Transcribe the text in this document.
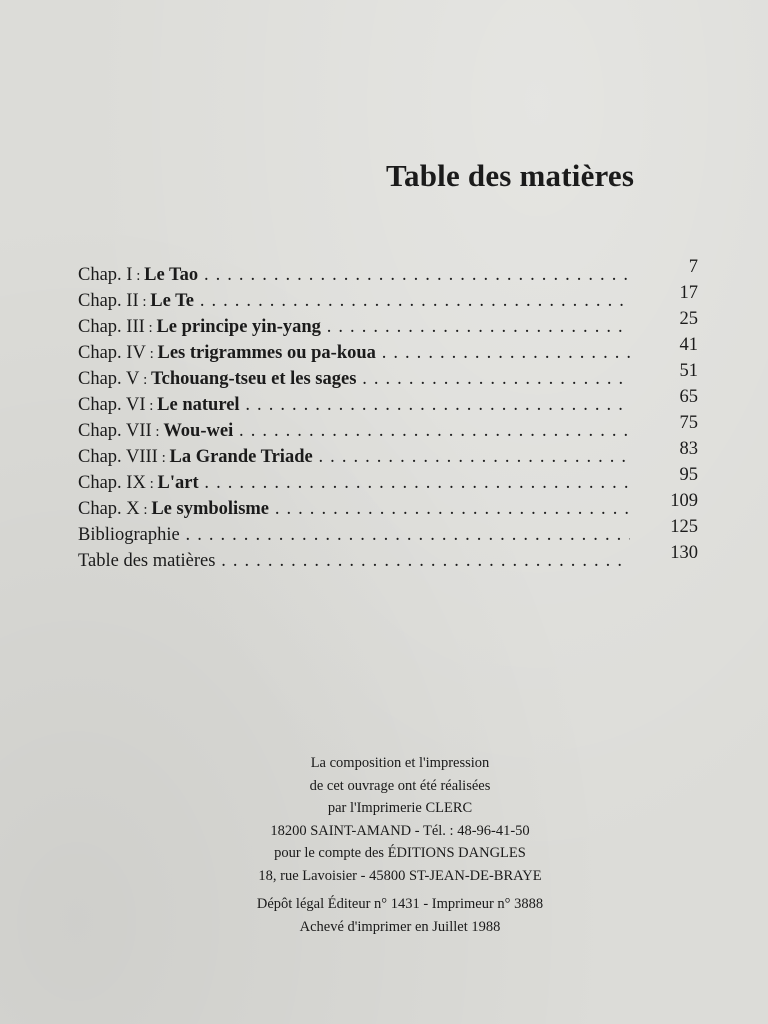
Table des matières
Chap. I : Le Tao . . .	7
Chap. II : Le Te . . .	17
Chap. III : Le principe yin-yang . . .	25
Chap. IV : Les trigrammes ou pa-koua . . .	41
Chap. V : Tchouang-tseu et les sages . . .	51
Chap. VI : Le naturel . . .	65
Chap. VII : Wou-wei . . .	75
Chap. VIII : La Grande Triade . . .	83
Chap. IX : L'art . . .	95
Chap. X : Le symbolisme . . .	109
Bibliographie . . .	125
Table des matières . . .	130
La composition et l'impression
de cet ouvrage ont été réalisées
par l'Imprimerie CLERC
18200 SAINT-AMAND - Tél. : 48-96-41-50
pour le compte des ÉDITIONS DANGLES
18, rue Lavoisier - 45800 ST-JEAN-DE-BRAYE
Dépôt légal Éditeur n° 1431 - Imprimeur n° 3888
Achevé d'imprimer en Juillet 1988
